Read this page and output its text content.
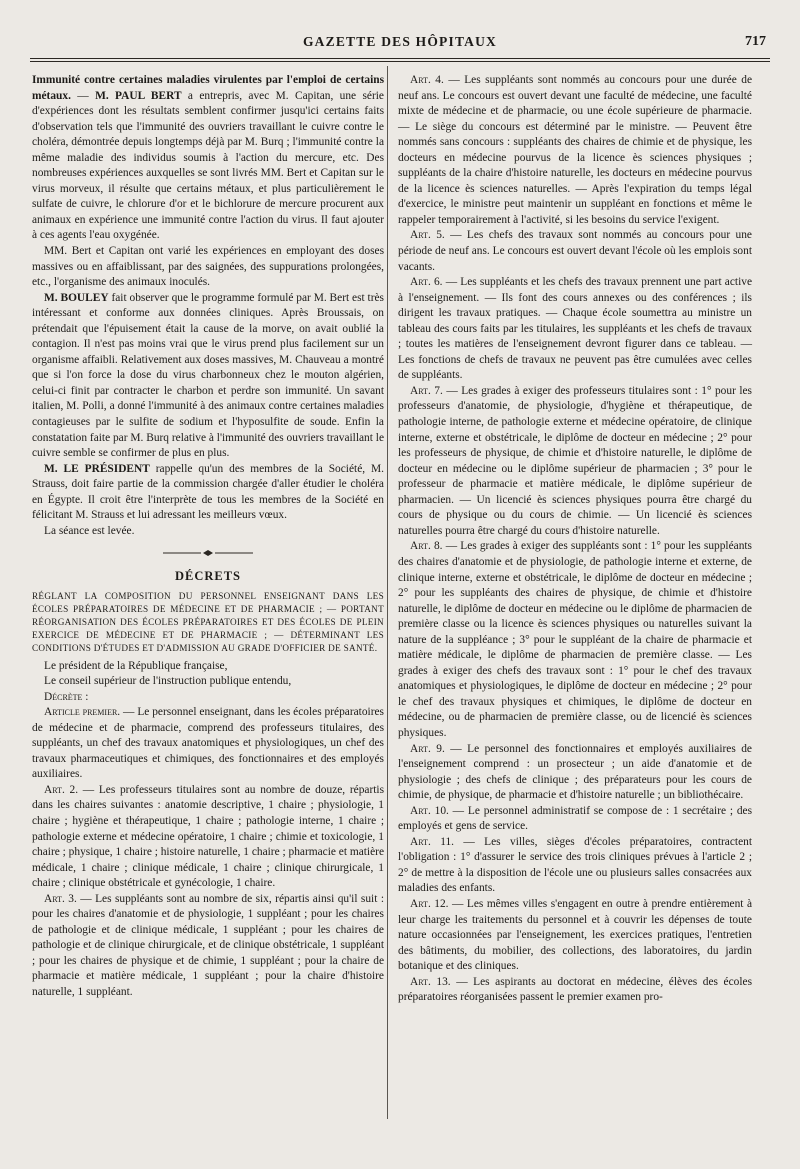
GAZETTE DES HÔPITAUX	717

Immunité contre certaines maladies virulentes par l'emploi de certains métaux. — M. PAUL BERT a entrepris, avec M. Capitan, une série d'expériences dont les résultats semblent confirmer jusqu'ici certains faits d'observation tels que l'immunité des ouvriers travaillant le cuivre contre le choléra, démontrée depuis longtemps déjà par M. Burq ; l'immunité contre la même maladie des individus soumis à l'action du mercure, etc. Des nombreuses expériences auxquelles se sont livrés MM. Bert et Capitan sur le virus morveux, il résulte que certains métaux, et plus particulièrement le sulfate de cuivre, le chlorure d'or et le bichlorure de mercure procurent aux animaux en expérience une immunité contre l'action du virus. Il faut ajouter à ces agents l'eau oxygénée.

MM. Bert et Capitan ont varié les expériences en employant des doses massives ou en affaiblissant, par des saignées, des suppurations prolongées, etc., l'organisme des animaux inoculés.

M. BOULEY fait observer que le programme formulé par M. Bert est très intéressant et conforme aux données cliniques. Après Broussais, on prétendait que l'épuisement était la cause de la morve, on avait oublié la contagion. Il n'est pas moins vrai que le virus prend plus facilement sur un organisme affaibli. Relativement aux doses massives, M. Chauveau a montré que si l'on force la dose du virus charbonneux chez le mouton algérien, celui-ci finit par contracter le charbon et perdre son immunité. Un savant italien, M. Polli, a donné l'immunité à des animaux contre certaines maladies contagieuses par le sulfite de sodium et l'hyposulfite de soude. Enfin la constatation faite par M. Burq relative à l'immunité des ouvriers travaillant le cuivre semble se confirmer de plus en plus.

M. LE PRÉSIDENT rappelle qu'un des membres de la Société, M. Strauss, doit faire partie de la commission chargée d'aller étudier le choléra en Égypte. Il croit être l'interprète de tous les membres de la Société en félicitant M. Strauss et lui adressant les meilleurs vœux.

La séance est levée.

DÉCRETS

RÉGLANT LA COMPOSITION DU PERSONNEL ENSEIGNANT DANS LES ÉCOLES PRÉPARATOIRES DE MÉDECINE ET DE PHARMACIE ; — PORTANT RÉORGANISATION DES ÉCOLES PRÉPARATOIRES ET DES ÉCOLES DE PLEIN EXERCICE DE MÉDECINE ET DE PHARMACIE ; — DÉTERMINANT LES CONDITIONS D'ÉTUDES ET D'ADMISSION AU GRADE D'OFFICIER DE SANTÉ.

Le président de la République française,

Le conseil supérieur de l'instruction publique entendu,

Décrète :

Article premier. — Le personnel enseignant, dans les écoles préparatoires de médecine et de pharmacie, comprend des professeurs titulaires, des suppléants, un chef des travaux anatomiques et physiologiques, un chef des travaux pharmaceutiques et chimiques, des fonctionnaires et des employés auxiliaires.

Art. 2. — Les professeurs titulaires sont au nombre de douze, répartis dans les chaires suivantes : anatomie descriptive, 1 chaire ; physiologie, 1 chaire ; hygiène et thérapeutique, 1 chaire ; pathologie interne, 1 chaire ; pathologie externe et médecine opératoire, 1 chaire ; chimie et toxicologie, 1 chaire ; physique, 1 chaire ; histoire naturelle, 1 chaire ; pharmacie et matière médicale, 1 chaire ; clinique médicale, 1 chaire ; clinique chirurgicale, 1 chaire ; clinique obstétricale et gynécologie, 1 chaire.

Art. 3. — Les suppléants sont au nombre de six, répartis ainsi qu'il suit : pour les chaires d'anatomie et de physiologie, 1 suppléant ; pour les chaires de pathologie et de clinique médicale, 1 suppléant ; pour les chaires de pathologie et de clinique chirurgicale, et de clinique obstétricale, 1 suppléant ; pour les chaires de physique et de chimie, 1 suppléant ; pour la chaire de pharmacie et matière médicale, 1 suppléant ; pour la chaire d'histoire naturelle, 1 suppléant.

Art. 4. — Les suppléants sont nommés au concours pour une durée de neuf ans. Le concours est ouvert devant une faculté de médecine, une faculté mixte de médecine et de pharmacie, ou une école supérieure de pharmacie. — Le siège du concours est déterminé par le ministre. — Peuvent être nommés sans concours : suppléants des chaires de chimie et de physique, les docteurs en médecine pourvus de la licence ès sciences physiques ; suppléants de la chaire d'histoire naturelle, les docteurs en médecine pourvus de la licence ès sciences naturelles. — Après l'expiration du temps légal d'exercice, le ministre peut maintenir un suppléant en fonctions et même le rappeler temporairement à l'activité, si les besoins du service l'exigent.

Art. 5. — Les chefs des travaux sont nommés au concours pour une période de neuf ans. Le concours est ouvert devant l'école où les emplois sont vacants.

Art. 6. — Les suppléants et les chefs des travaux prennent une part active à l'enseignement. — Ils font des cours annexes ou des conférences ; ils dirigent les travaux pratiques. — Chaque école soumettra au ministre un tableau des cours faits par les titulaires, les suppléants et les chefs de travaux ; toutes les matières de l'enseignement devront figurer dans ce tableau. — Les fonctions de chefs de travaux ne peuvent pas être cumulées avec celles de suppléants.

Art. 7. — Les grades à exiger des professeurs titulaires sont : 1° pour les professeurs d'anatomie, de physiologie, d'hygiène et thérapeutique, de pathologie interne, de pathologie externe et médecine opératoire, de clinique interne, externe et obstétricale, le diplôme de docteur en médecine ; 2° pour les professeurs de physique, de chimie et d'histoire naturelle, le diplôme de docteur en médecine ou le diplôme supérieur de pharmacien ; 3° pour le professeur de pharmacie et matière médicale, le diplôme supérieur de pharmacien. — Un licencié ès sciences physiques pourra être chargé du cours de physique ou du cours de chimie. — Un licencié ès sciences naturelles pourra être chargé du cours d'histoire naturelle.

Art. 8. — Les grades à exiger des suppléants sont : 1° pour les suppléants des chaires d'anatomie et de physiologie, de pathologie interne et externe, de clinique interne, externe et obstétricale, le diplôme de docteur en médecine ; 2° pour les suppléants des chaires de physique, de chimie et d'histoire naturelle, le diplôme de docteur en médecine ou le diplôme de pharmacien de première classe ou la licence ès sciences physiques ou naturelles suivant la nature de la suppléance ; 3° pour le suppléant de la chaire de pharmacie et matière médicale, le diplôme de pharmacien de première classe. — Les grades à exiger des chefs des travaux sont : 1° pour le chef des travaux anatomiques et physiologiques, le diplôme de docteur en médecine ; 2° pour le chef des travaux physiques et chimiques, le diplôme de docteur en médecine, ou de pharmacien de première classe, ou de licencié ès sciences physiques.

Art. 9. — Le personnel des fonctionnaires et employés auxiliaires de l'enseignement comprend : un prosecteur ; un aide d'anatomie et de physiologie ; des chefs de clinique ; des préparateurs pour les cours de chimie, de physique, de pharmacie et d'histoire naturelle ; un bibliothécaire.

Art. 10. — Le personnel administratif se compose de : 1 secrétaire ; des employés et gens de service.

Art. 11. — Les villes, sièges d'écoles préparatoires, contractent l'obligation : 1° d'assurer le service des trois cliniques prévues à l'article 2 ; 2° de mettre à la disposition de l'école une ou plusieurs salles consacrées aux maladies des enfants.

Art. 12. — Les mêmes villes s'engagent en outre à prendre entièrement à leur charge les traitements du personnel et à couvrir les dépenses de toute nature occasionnées par l'enseignement, les exercices pratiques, l'entretien des bâtiments, du mobilier, des collections, des laboratoires, du jardin botanique et des cliniques.

Art. 13. — Les aspirants au doctorat en médecine, élèves des écoles préparatoires réorganisées passent le premier examen pro-
